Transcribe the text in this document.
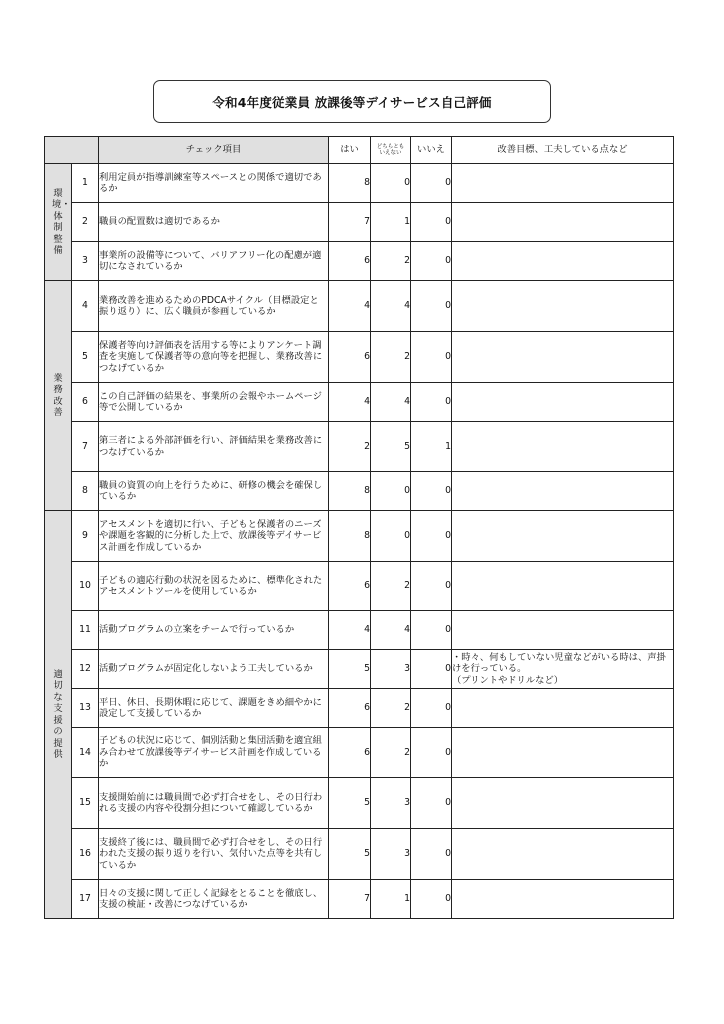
令和4年度従業員 放課後等デイサービス自己評価
		チェック項目	はい	どちらとも
いえない	いいえ	改善目標、工夫している点など
環境・体制整備	1	利用定員が指導訓練室等スペースとの関係で適切であるか	8	0	0	
	2	職員の配置数は適切であるか	7	1	0	
	3	事業所の設備等について、バリアフリー化の配慮が適切になされているか	6	2	0	
業務改善	4	業務改善を進めるためのPDCAサイクル（目標設定と振り返り）に、広く職員が参画しているか	4	4	0	
	5	保護者等向け評価表を活用する等によりアンケート調査を実施して保護者等の意向等を把握し、業務改善につなげているか	6	2	0	
	6	この自己評価の結果を、事業所の会報やホームページ等で公開しているか	4	4	0	
	7	第三者による外部評価を行い、評価結果を業務改善につなげているか	2	5	1	
	8	職員の資質の向上を行うために、研修の機会を確保しているか	8	0	0	
適切な支援の提供	9	アセスメントを適切に行い、子どもと保護者のニーズや課題を客観的に分析した上で、放課後等デイサービス計画を作成しているか	8	0	0	
	10	子どもの適応行動の状況を図るために、標準化されたアセスメントツールを使用しているか	6	2	0	
	11	活動プログラムの立案をチームで行っているか	4	4	0	
	12	活動プログラムが固定化しないよう工夫しているか	5	3	0	・時々、何もしていない児童などがいる時は、声掛けを行っている。
（プリントやドリルなど）
	13	平日、休日、長期休暇に応じて、課題をきめ細やかに設定して支援しているか	6	2	0	
	14	子どもの状況に応じて、個別活動と集団活動を適宜組み合わせて放課後等デイサービス計画を作成しているか	6	2	0	
	15	支援開始前には職員間で必ず打合せをし、その日行われる支援の内容や役割分担について確認しているか	5	3	0	
	16	支援終了後には、職員間で必ず打合せをし、その日行われた支援の振り返りを行い、気付いた点等を共有しているか	5	3	0	
	17	日々の支援に関して正しく記録をとることを徹底し、支援の検証・改善につなげているか	7	1	0	
